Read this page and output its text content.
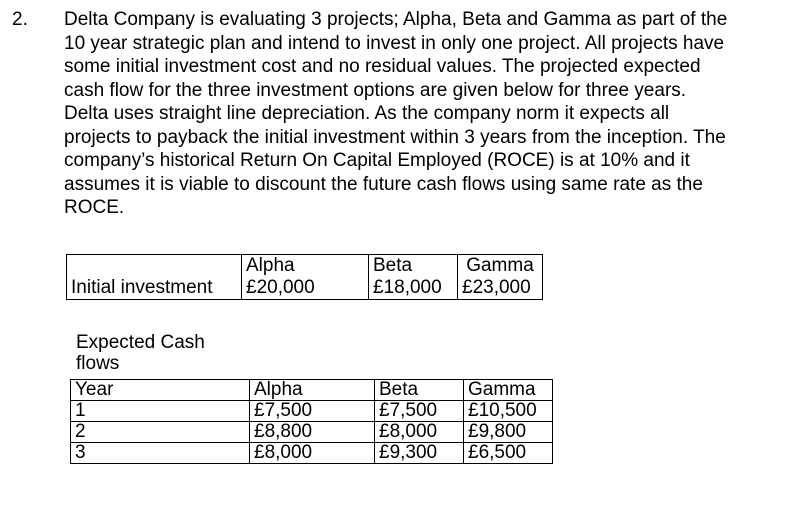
2. Delta Company is evaluating 3 projects; Alpha, Beta and Gamma as part of the
10 year strategic plan and intend to invest in only one project. All projects have
some initial investment cost and no residual values. The projected expected
cash flow for the three investment options are given below for three years.
Delta uses straight line depreciation. As the company norm it expects all
projects to payback the initial investment within 3 years from the inception. The
company’s historical Return On Capital Employed (ROCE) is at 10% and it
assumes it is viable to discount the future cash flows using same rate as the
ROCE.

	Alpha	Beta	Gamma
Initial investment	£20,000	£18,000	£23,000
Expected Cash
flows
Year	Alpha	Beta	Gamma
1	£7,500	£7,500	£10,500
2	£8,800	£8,000	£9,800
3	£8,000	£9,300	£6,500
